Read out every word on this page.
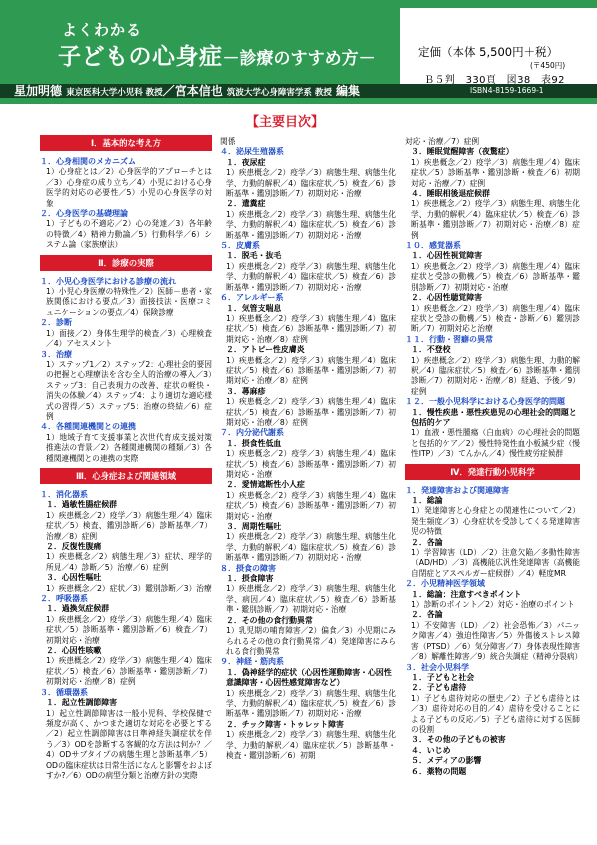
よくわかる
子どもの心身症－診療のすすめ方－
星加明德 東京医科大学小児科 教授／宮本信也 筑波大学心身障害学系 教授 編集
定価（本体 5,500円＋税）
(〒450円)
Ｂ５判　330頁　図38　表92
ISBN4-8159-1669-1
【主要目次】
Ⅰ．基本的な考え方
１．心身相関のメカニズム
1）心身症とは／2）心身医学的アプローチとは／3）心身症の成り立ち／4）小児における心身医学的対応の必要性／5）小児の心身医学の対象
２．心身医学の基礎理論
1）子どもの不適応／2）心の発達／3）各年齢の特徴／4）精神力動論／5）行動科学／6）システム論（家族療法）
Ⅱ．診療の実際
１．小児心身医学における診療の流れ
1）小児心身医療の特殊性／2）医師－患者・家族関係における要点／3）面接技法・医療コミュニケーションの要点／4）保険診療
２．診断
1）面接／2）身体生理学的検査／3）心理検査／4）アセスメント
３．治療
1）ステップ1／2）ステップ2：心理社会的要因の把握と心理療法を含む全人的治療の導入／3）ステップ3：自己表現力の改善、症状の軽快・消失の体験／4）ステップ4：より適切な適応様式の習得／5）ステップ5：治療の終結／6）症例
４．各種関連機関との連携
1）地域子育て支援事業と次世代育成支援対策推進法の背景／2）各種関連機関の種類／3）各種関連機関との連携の実際
Ⅲ．心身症および関連領域
１．消化器系
１．過敏性腸症候群
1）疾患概念／2）疫学／3）病態生理／4）臨床症状／5）検査、鑑別診断／6）診断基準／7）治療／8）症例
２．反復性腹痛
1）疾患概念／2）病態生理／3）症状、理学的所見／4）診断／5）治療／6）症例
３．心因性嘔吐
1）疾患概念／2）症状／3）鑑別診断／3）治療
２．呼吸器系
１．過換気症候群
1）疾患概念／2）疫学／3）病態生理／4）臨床症状／5）診断基準・鑑別診断／6）検査／7）初期対応・治療
２．心因性咳嗽
1）疾患概念／2）疫学／3）病態生理／4）臨床症状／5）検査／6）診断基準・鑑別診断／7）初期対応・治療／8）症例
３．循環器系
１．起立性調節障害
1）起立性調節障害は一般小児科、学校保健で頻度が高く、かつまた適切な対応を必要とする／2）起立性調節障害は日準神経失調症状を伴う／3）ODを診断する客観的な方法は何か？／4）ODサブタイプの病態生理と診断基準／5）ODの臨床症状は日常生活になんと影響をおよぼすか?／6）ODの病型分類と治療方針の実際
関係
４．泌尿生殖器系
１．夜尿症
1）疾患概念／2）疫学／3）病態生理、病態生化学、力動的解釈／4）臨床症状／5）検査／6）診断基準・鑑別診断／7）初期対応・治療
２．遺糞症
1）疾患概念／2）疫学／3）病態生理、病態生化学、力動的解釈／4）臨床症状／5）検査／6）診断基準・鑑別診断／7）初期対応・治療
５．皮膚系
１．脱毛・抜毛
1）疾患概念／2）疫学／3）病態生理、病態生化学、力動的解釈／4）臨床症状／5）検査／6）診断基準・鑑別診断／7）初期対応・治療
６．アレルギー系
１．気管支喘息
1）疾患概念／2）疫学／3）病態生理／4）臨床症状／5）検査／6）診断基準・鑑別診断／7）初期対応・治療／8）症例
２．アトピー性皮膚炎
1）疾患概念／2）疫学／3）病態生理／4）臨床症状／5）検査／6）診断基準・鑑別診断／7）初期対応・治療／8）症例
３．蕁麻疹
1）疾患概念／2）疫学／3）病態生理／4）臨床症状／5）検査／6）診断基準・鑑別診断／7）初期対応・治療／8）症例
７．内分泌代謝系
１．摂食性低血
1）疾患概念／2）疫学／3）病態生理／4）臨床症状／5）検査／6）診断基準・鑑別診断／7）初期対応・治療
２．愛情遮断性小人症
1）疾患概念／2）疫学／3）病態生理／4）臨床症状／5）検査／6）診断基準・鑑別診断／7）初期対応・治療
３．周期性嘔吐
1）疾患概念／2）疫学／3）病態生理、病態生化学、力動的解釈／4）臨床症状／5）検査／6）診断基準・鑑別診断／7）初期対応・治療
８．摂食の障害
１．摂食障害
1）疾患概念／2）疫学／3）病態生理、病態生化学、病因／4）臨床症状／5）検査／6）診断基準・鑑別診断／7）初期対応・治療
２．その他の食行動異常
1）乳児期の哺育障害／2）偏食／3）小児期にみられるその他の食行動異常／4）発達障害にみられる食行動異常
９．神経・筋肉系
１．偽神経学的症状（心因性運動障害・心因性意識障害・心因性感覚障害など）
1）疾患概念／2）疫学／3）病態生理、病態生化学、力動的解釈／4）臨床症状／5）検査／6）診断基準・鑑別診断／7）初期対応・治療
２．チック障害・トゥレット障害
1）疾患概念／2）疫学／3）病態生理、病態生化学、力動的解釈／4）臨床症状／5）診断基準・検査・鑑別診断／6）初期
対応・治療／7）症例
３．睡眠覚醒障害（夜驚症）
1）疾患概念／2）疫学／3）病態生理／4）臨床症状／5）診断基準・鑑別診断・検査／6）初期対応・治療／7）症例
４．睡眠相後退症候群
1）疾患概念／2）疫学／3）病態生理、病態生化学、力動的解釈／4）臨床症状／5）検査／6）診断基準・鑑別診断／7）初期対応・治療／8）症例
１０．感覚器系
１．心因性視覚障害
1）疾患概念／2）疫学／3）病態生理／4）臨床症状と受診の動機／5）検査／6）診断基準・鑑別診断／7）初期対応・治療
２．心因性聴覚障害
1）疾患概念／2）疫学／3）病態生理／4）臨床症状と受診の動機／5）検査・診断／6）鑑別診断／7）初期対応と治療
１１．行動・習癖の異常
１．不登校
1）疾患概念／2）疫学／3）病態生理、力動的解釈／4）臨床症状／5）検査／6）診断基準・鑑別診断／7）初期対応・治療／8）経過、予後／9）症例
１２．一般小児科学における心身医学的問題
１．慢性疾患・悪性疾患児の心理社会的問題と包括的ケア
1）血液・悪性腫瘍（白血病）の心理社会的問題と包括的ケア／2）慢性特発性血小板減少症（慢性ITP）／3）てんかん／4）慢性疲労症候群
Ⅳ．発達行動小児科学
１．発達障害および関連障害
１．総論
1）発達障害と心身症との関連性について／2）発生頻度／3）心身症状を受診してくる発達障害児の特徴
２．各論
1）学習障害（LD）／2）注意欠陥／多動性障害（AD/HD）／3）高機能広汎性発達障害（高機能自閉症とアスペルガー症候群）／4）軽度MR
２．小児精神医学領域
１．総論：注意すべきポイント
1）診断のポイント／2）対応・治療のポイント
２．各論
1）不安障害（LD）／2）社会恐怖／3）パニック障害／4）強迫性障害／5）外傷後ストレス障害（PTSD）／6）気分障害／7）身体表現性障害／8）解離性障害／9）統合失調症（精神分裂病）
３．社会小児科学
１．子どもと社会
２．子ども虐待
1）子ども虐待対応の歴史／2）子ども虐待とは／3）虐待対応の目的／4）虐待を受けることによる子どもの反応／5）子ども虐待に対する医師の役割
３．その他の子どもの被害
４．いじめ
５．メディアの影響
６．薬物の問題
